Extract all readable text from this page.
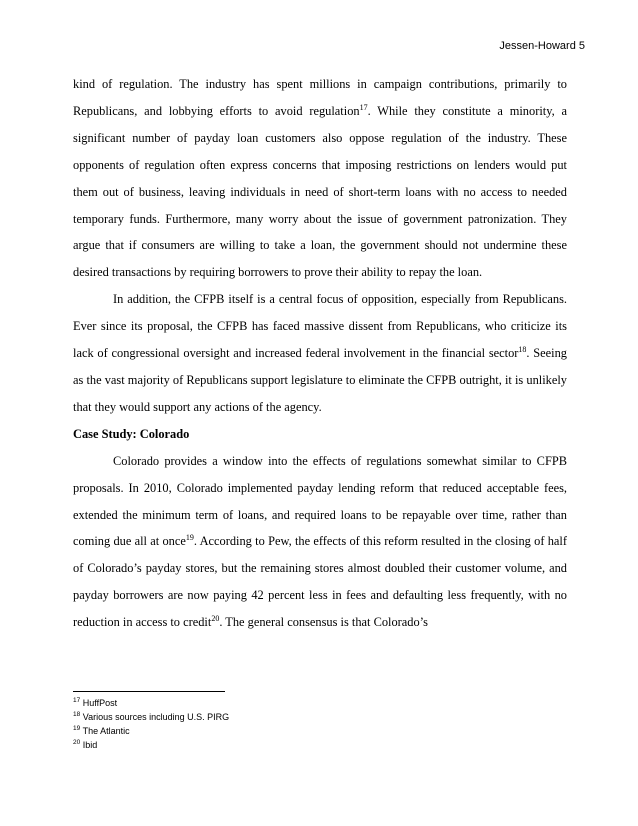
Jessen-Howard 5

kind of regulation. The industry has spent millions in campaign contributions, primarily to Republicans, and lobbying efforts to avoid regulation$^{17}$. While they constitute a minority, a significant number of payday loan customers also oppose regulation of the industry. These opponents of regulation often express concerns that imposing restrictions on lenders would put them out of business, leaving individuals in need of short-term loans with no access to needed temporary funds. Furthermore, many worry about the issue of government patronization. They argue that if consumers are willing to take a loan, the government should not undermine these desired transactions by requiring borrowers to prove their ability to repay the loan.

In addition, the CFPB itself is a central focus of opposition, especially from Republicans. Ever since its proposal, the CFPB has faced massive dissent from Republicans, who criticize its lack of congressional oversight and increased federal involvement in the financial sector$^{18}$. Seeing as the vast majority of Republicans support legislature to eliminate the CFPB outright, it is unlikely that they would support any actions of the agency.

Case Study: Colorado

Colorado provides a window into the effects of regulations somewhat similar to CFPB proposals. In 2010, Colorado implemented payday lending reform that reduced acceptable fees, extended the minimum term of loans, and required loans to be repayable over time, rather than coming due all at once$^{19}$. According to Pew, the effects of this reform resulted in the closing of half of Colorado’s payday stores, but the remaining stores almost doubled their customer volume, and payday borrowers are now paying 42 percent less in fees and defaulting less frequently, with no reduction in access to credit$^{20}$. The general consensus is that Colorado’s

$^{17}$ HuffPost
$^{18}$ Various sources including U.S. PIRG
$^{19}$ The Atlantic
$^{20}$ Ibid
